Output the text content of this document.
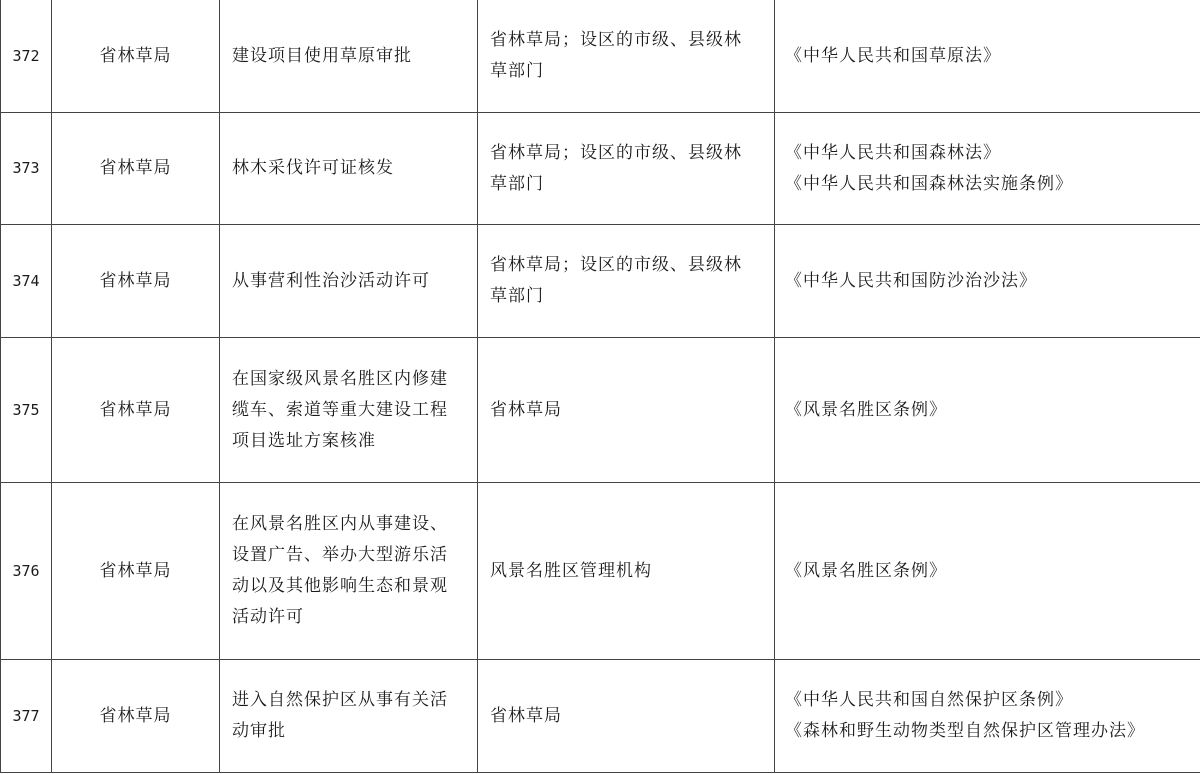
372	省林草局	建设项目使用草原审批	省林草局；设区的市级、县级林
草部门	《中华人民共和国草原法》

373	省林草局	林木采伐许可证核发	省林草局；设区的市级、县级林
草部门	《中华人民共和国森林法》
《中华人民共和国森林法实施条例》

374	省林草局	从事营利性治沙活动许可	省林草局；设区的市级、县级林
草部门	《中华人民共和国防沙治沙法》

375	省林草局	在国家级风景名胜区内修建
缆车、索道等重大建设工程
项目选址方案核准	省林草局	《风景名胜区条例》

376	省林草局	在风景名胜区内从事建设、
设置广告、举办大型游乐活
动以及其他影响生态和景观
活动许可	风景名胜区管理机构	《风景名胜区条例》

377	省林草局	进入自然保护区从事有关活
动审批	省林草局	《中华人民共和国自然保护区条例》
《森林和野生动物类型自然保护区管理办法》
